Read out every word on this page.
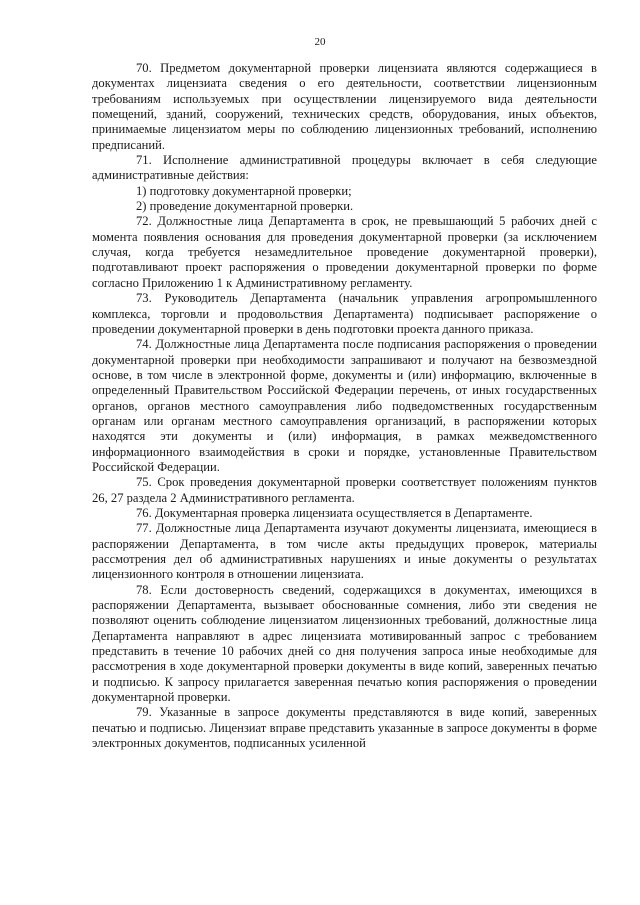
20

70. Предметом документарной проверки лицензиата являются содержащиеся в документах лицензиата сведения о его деятельности, соответствии лицензионным требованиям используемых при осуществлении лицензируемого вида деятельности помещений, зданий, сооружений, технических средств, оборудования, иных объектов, принимаемые лицензиатом меры по соблюдению лицензионных требований, исполнению предписаний.

71. Исполнение административной процедуры включает в себя следующие административные действия:

1) подготовку документарной проверки;

2) проведение документарной проверки.

72. Должностные лица Департамента в срок, не превышающий 5 рабочих дней с момента появления основания для проведения документарной проверки (за исключением случая, когда требуется незамедлительное проведение документарной проверки), подготавливают проект распоряжения о проведении документарной проверки по форме согласно Приложению 1 к Административному регламенту.

73. Руководитель Департамента (начальник управления агропромышленного комплекса, торговли и продовольствия Департамента) подписывает распоряжение о проведении документарной проверки в день подготовки проекта данного приказа.

74. Должностные лица Департамента после подписания распоряжения о проведении документарной проверки при необходимости запрашивают и получают на безвозмездной основе, в том числе в электронной форме, документы и (или) информацию, включенные в определенный Правительством Российской Федерации перечень, от иных государственных органов, органов местного самоуправления либо подведомственных государственным органам или органам местного самоуправления организаций, в распоряжении которых находятся эти документы и (или) информация, в рамках межведомственного информационного взаимодействия в сроки и порядке, установленные Правительством Российской Федерации.

75. Срок проведения документарной проверки соответствует положениям пунктов 26, 27 раздела 2 Административного регламента.

76. Документарная проверка лицензиата осуществляется в Департаменте.

77. Должностные лица Департамента изучают документы лицензиата, имеющиеся в распоряжении Департамента, в том числе акты предыдущих проверок, материалы рассмотрения дел об административных нарушениях и иные документы о результатах лицензионного контроля в отношении лицензиата.

78. Если достоверность сведений, содержащихся в документах, имеющихся в распоряжении Департамента, вызывает обоснованные сомнения, либо эти сведения не позволяют оценить соблюдение лицензиатом лицензионных требований, должностные лица Департамента направляют в адрес лицензиата мотивированный запрос с требованием представить в течение 10 рабочих дней со дня получения запроса иные необходимые для рассмотрения в ходе документарной проверки документы в виде копий, заверенных печатью и подписью. К запросу прилагается заверенная печатью копия распоряжения о проведении документарной проверки.

79. Указанные в запросе документы представляются в виде копий, заверенных печатью и подписью. Лицензиат вправе представить указанные в запросе документы в форме электронных документов, подписанных усиленной
